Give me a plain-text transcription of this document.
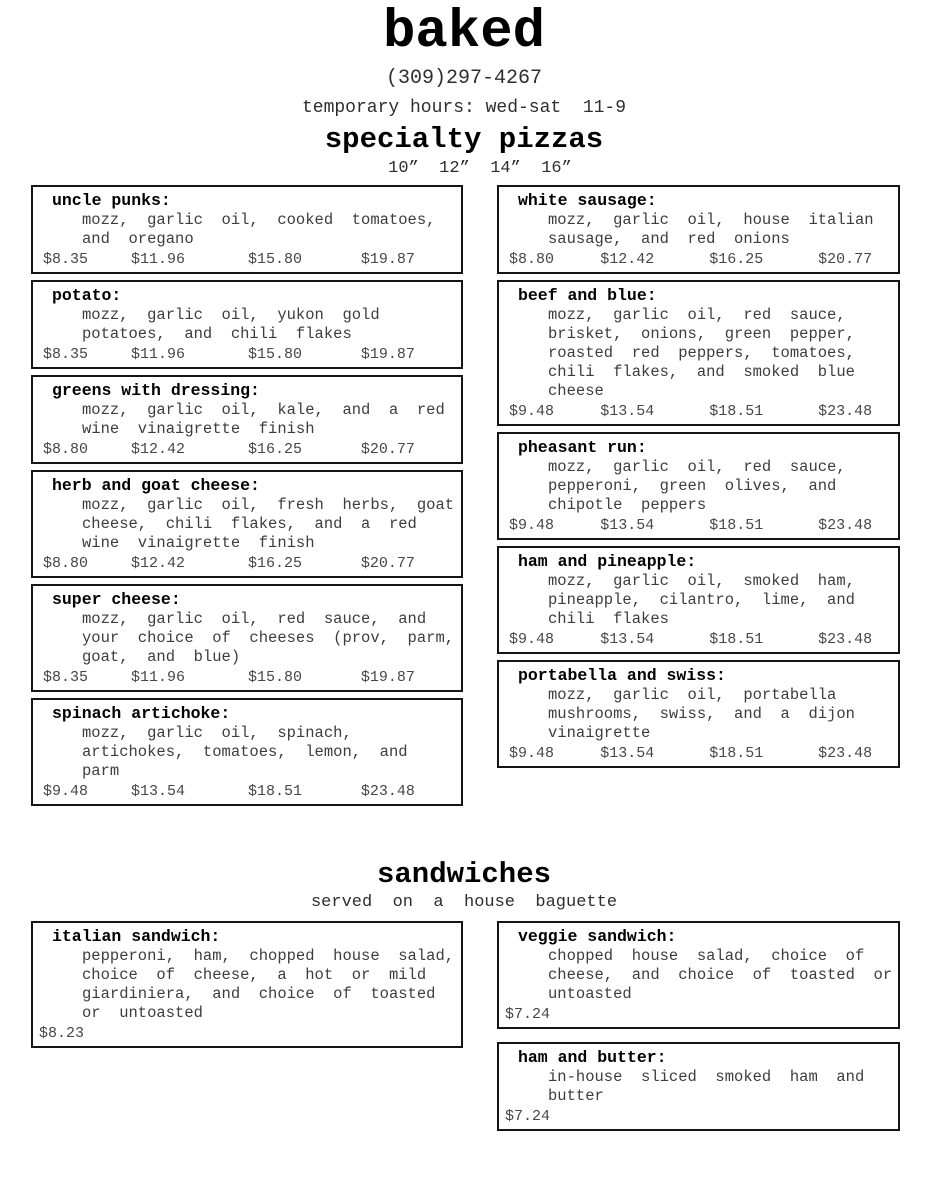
baked
(309)297-4267
temporary hours: wed-sat  11-9
specialty pizzas
10”  12”  14”  16”
uncle punks:
mozz, garlic oil, cooked tomatoes, and oregano
$8.35	$11.96	$15.80	$19.87
potato:
mozz, garlic oil, yukon gold potatoes, and chili flakes
$8.35	$11.96	$15.80	$19.87
greens with dressing:
mozz, garlic oil, kale, and a red wine vinaigrette finish
$8.80	$12.42	$16.25	$20.77
herb and goat cheese:
mozz, garlic oil, fresh herbs, goat cheese, chili flakes, and a red wine vinaigrette finish
$8.80	$12.42	$16.25	$20.77
super cheese:
mozz, garlic oil, red sauce, and your choice of cheeses (prov, parm, goat, and blue)
$8.35	$11.96	$15.80	$19.87
spinach artichoke:
mozz, garlic oil, spinach, artichokes, tomatoes, lemon, and parm
$9.48	$13.54	$18.51	$23.48
white sausage:
mozz, garlic oil, house italian sausage, and red onions
$8.80	$12.42	$16.25	$20.77
beef and blue:
mozz, garlic oil, red sauce, brisket, onions, green pepper, roasted red peppers, tomatoes, chili flakes, and smoked blue cheese
$9.48	$13.54	$18.51	$23.48
pheasant run:
mozz, garlic oil, red sauce, pepperoni, green olives, and chipotle peppers
$9.48	$13.54	$18.51	$23.48
ham and pineapple:
mozz, garlic oil, smoked ham, pineapple, cilantro, lime, and chili flakes
$9.48	$13.54	$18.51	$23.48
portabella and swiss:
mozz, garlic oil, portabella mushrooms, swiss, and a dijon vinaigrette
$9.48	$13.54	$18.51	$23.48
sandwiches
served on a house baguette
italian sandwich:
pepperoni, ham, chopped house salad, choice of cheese, a hot or mild giardiniera, and choice of toasted or untoasted
$8.23
veggie sandwich:
chopped house salad, choice of cheese, and choice of toasted or untoasted
$7.24
ham and butter:
in-house sliced smoked ham and butter
$7.24
